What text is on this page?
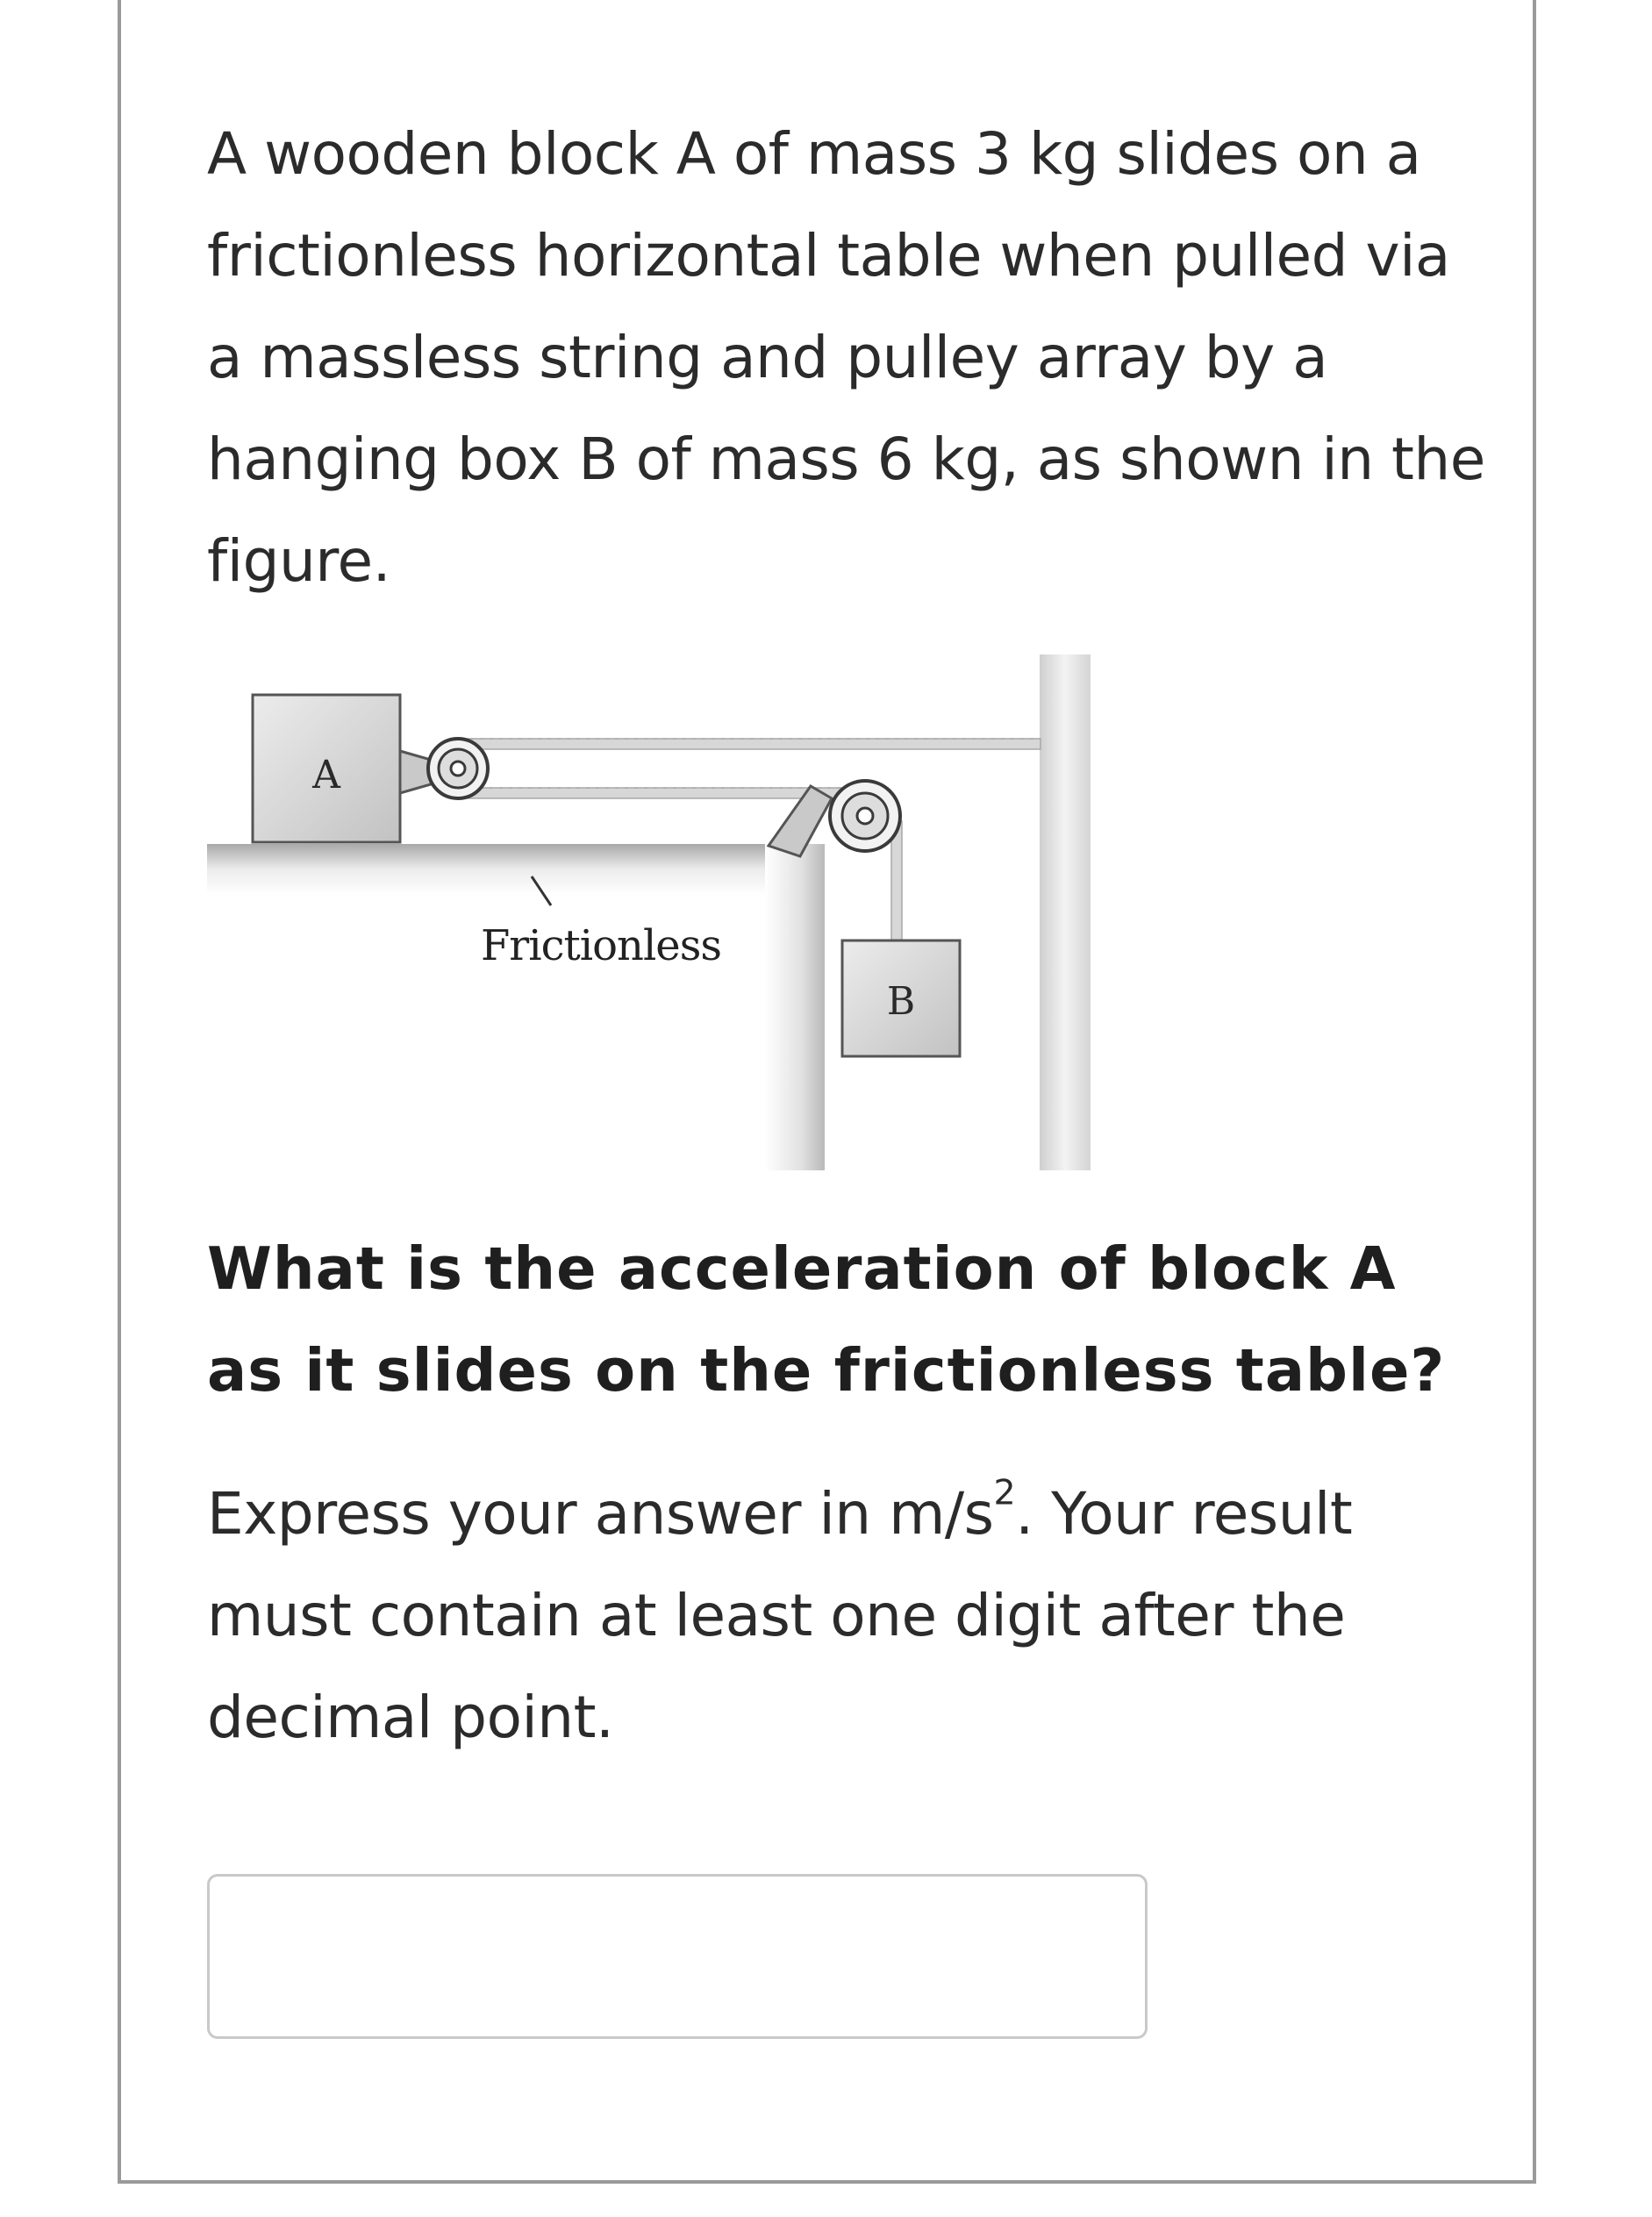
A wooden block A of mass 3 kg slides on a frictionless horizontal table when pulled via a massless string and pulley array by a hanging box B of mass 6 kg, as shown in the figure.

A
B
Frictionless

What is the acceleration of block A as it slides on the frictionless table?

Express your answer in $m/s^2$. Your result must contain at least one digit after the decimal point.
